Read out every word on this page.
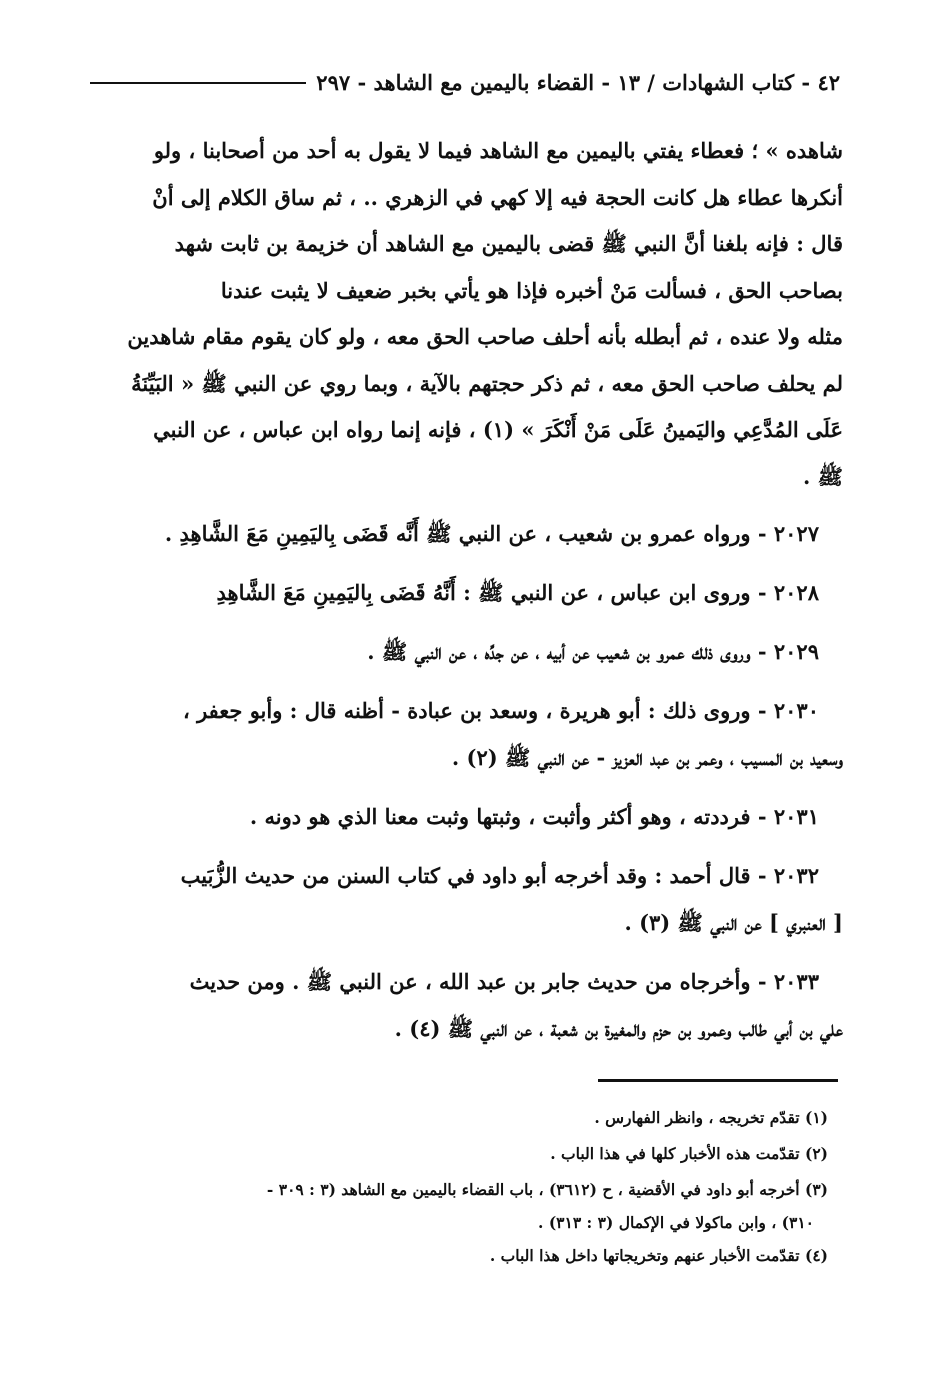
٤٢ - كتاب الشهادات / ١٣ - القضاء باليمين مع الشاهد - ٢٩٧

شاهده » ؛ فعطاء يفتي باليمين مع الشاهد فيما لا يقول به أحد من أصحابنا ، ولو

أنكرها عطاء هل كانت الحجة فيه إلا كهي في الزهري .. ، ثم ساق الكلام إلى أنْ

قال : فإنه بلغنا أنَّ النبي ﷺ قضى باليمين مع الشاهد أن خزيمة بن ثابت شهد

بصاحب الحق ، فسألت مَنْ أخبره فإذا هو يأتي بخبر ضعيف لا يثبت عندنا

مثله ولا عنده ، ثم أبطله بأنه أحلف صاحب الحق معه ، ولو كان يقوم مقام شاهدين

لم يحلف صاحب الحق معه ، ثم ذكر حجتهم بالآية ، وبما روي عن النبي ﷺ « البَيِّنَةُ

عَلَى المُدَّعِي واليَمينُ عَلَى مَنْ أَنْكَرَ » (١) ، فإنه إنما رواه ابن عباس ، عن النبي

ﷺ .

٢٠٢٧ - ورواه عمرو بن شعيب ، عن النبي ﷺ أَنَّه قَضَى بِاليَمِينِ مَعَ الشَّاهِدِ .

٢٠٢٨ - وروى ابن عباس ، عن النبي ﷺ : أَنَّهُ قَضَى بِاليَمِينِ مَعَ الشَّاهِدِ

٢٠٢٩ - وروى ذلك عمرو بن شعيب عن أبيه ، عن جدِّه ، عن النبي ﷺ .

٢٠٣٠ - وروى ذلك : أبو هريرة ، وسعد بن عبادة - أظنه قال : وأبو جعفر ،

وسعيد بن المسيب ، وعمر بن عبد العزيز - عن النبي ﷺ (٢) .

٢٠٣١ - فرددته ، وهو أكثر وأثبت ، وثبتها وثبت معنا الذي هو دونه .

٢٠٣٢ - قال أحمد : وقد أخرجه أبو داود في كتاب السنن من حديث الزُّبَيب

[ العنبري ] عن النبي ﷺ (٣) .

٢٠٣٣ - وأخرجاه من حديث جابر بن عبد الله ، عن النبي ﷺ . ومن حديث

علي بن أبي طالب وعمرو بن حزم والمغيرة بن شعبة ، عن النبي ﷺ (٤) .

(١) تقدّم تخريجه ، وانظر الفهارس .

(٢) تقدّمت هذه الأخبار كلها في هذا الباب .

(٣) أخرجه أبو داود في الأقضية ، ح (٣٦١٢) ، باب القضاء باليمين مع الشاهد (٣ : ٣٠٩ -

٣١٠) ، وابن ماكولا في الإكمال (٣ : ٣١٣) .

(٤) تقدّمت الأخبار عنهم وتخريجاتها داخل هذا الباب .
